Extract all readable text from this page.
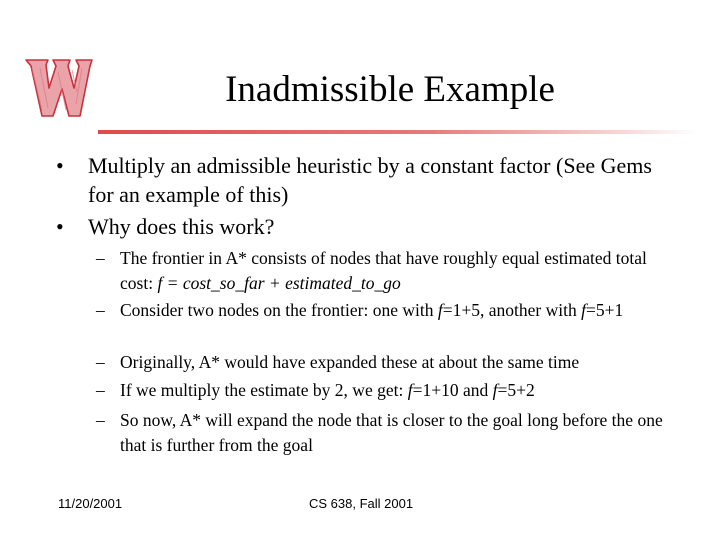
Inadmissible Example
• Multiply an admissible heuristic by a constant factor (See Gems for an example of this)
• Why does this work?
– The frontier in A* consists of nodes that have roughly equal estimated total cost: f = cost_so_far + estimated_to_go
– Consider two nodes on the frontier: one with f=1+5, another with f=5+1
– Originally, A* would have expanded these at about the same time
– If we multiply the estimate by 2, we get: f=1+10 and f=5+2
– So now, A* will expand the node that is closer to the goal long before the one that is further from the goal
11/20/2001	CS 638, Fall 2001
